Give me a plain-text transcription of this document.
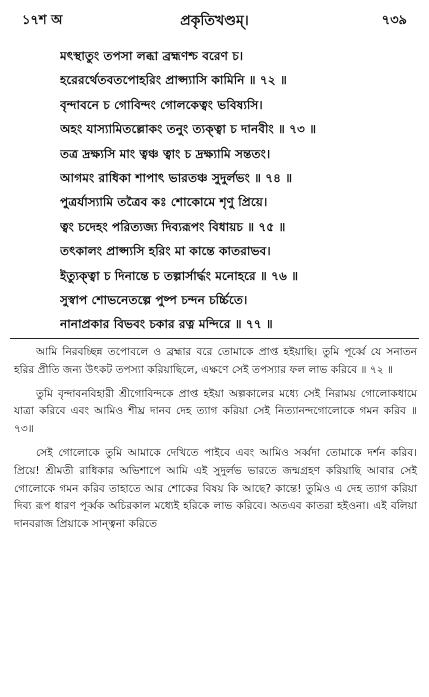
১৭শ অ	প্রকৃতিখণ্ডম্।	৭৩৯
মৎস্থাতুং তপসা লব্ধা ব্রহ্মণশ্চ বরেণ চ।
হরেরর্থেতবতপোহরিং প্রাপ্স্যাসি কামিনি ॥ ৭২ ॥
বৃন্দাবনে চ গোবিন্দং গোলকেত্বং ভবিষ্যসি।
অহং যাস্যামিতল্লোকং তনুং ত্যক্ত্বা চ দানবীং ॥ ৭৩ ॥
তত্র দ্রক্ষ্যসি মাং ত্বঞ্চ ত্বাং চ দ্রক্ষ্যামি সন্ততং।
আগমং রাধিকা শাপাৎ ভারতঞ্চ সুদুর্লভং ॥ ৭৪ ॥
পুত্রর্যাস্যামি তত্রৈব কঃ শোকোমে শৃণু প্রিয়ে।
ত্বং চদেহং পরিত্যজ্য দিব্যরূপং বিধায়চ ॥ ৭৫ ॥
তৎকালং প্রাপ্স্যসি হরিং মা কান্তে কাতরাভব।
ইত্যুক্ত্বা চ দিনান্তে চ তল্পার্সার্দ্ধং মনোহরে ॥ ৭৬ ॥
সুস্বাপ শোভনেতল্পে পুষ্প চন্দন চর্চ্চিতে।
নানাপ্রকার বিভবং চকার রত্ন মন্দিরে ॥ ৭৭ ॥

আমি নিরবচ্ছিন্ন তপোবলে ও ব্রহ্মার বরে তোমাকে প্রাপ্ত হইয়াছি। তুমি পূর্ব্বে যে সনাতন হরির প্রীতি জন্য উৎকট তপস্যা করিয়াছিলে, এক্ষণে সেই তপস্যার ফল লাভ করিবে ॥ ৭২ ॥

তুমি বৃন্দাবনবিহারী শ্রীগোবিন্দকে প্রাপ্ত হইয়া অল্পকালের মধ্যে সেই নিরাময় গোলোকধামে যাত্রা করিবে এবং আমিও শীঘ্র দানব দেহ ত্যাগ করিয়া সেই নিত্যানন্দগোলোকে গমন করিব ॥ ৭৩॥

সেই গোলোকে তুমি আমাকে দেখিতে পাইবে এবং আমিও সর্ব্বদা তোমাকে দর্শন করিব। প্রিয়ে! শ্রীমতী রাধিকার অভিশাপে আমি এই সুদুর্লভ ভারতে জন্মগ্রহণ করিয়াছি আবার সেই গোলোকে গমন করিব তাহাতে আর শোকের বিষয় কি আছে? কান্তে! তুমিও এ দেহ ত্যাগ করিয়া দিব্য রূপ ধারণ পূর্ব্বক অচিরকাল মধ্যেই হরিকে লাভ করিবে। অতএব কাতরা হইওনা। এই বলিয়া দানবরাজ প্রিয়াকে সান্ত্বনা করিতে
